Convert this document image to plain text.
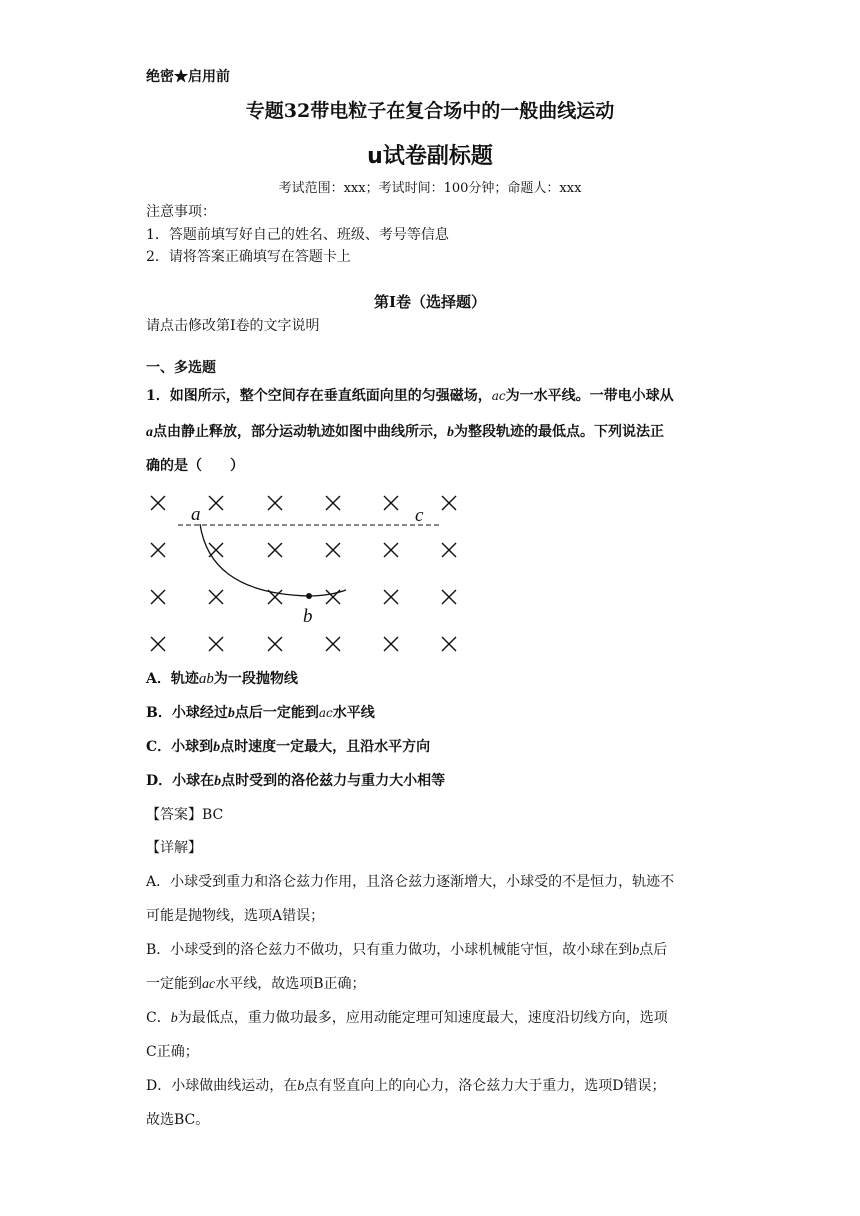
绝密★启用前
专题32带电粒子在复合场中的一般曲线运动
u试卷副标题
考试范围：xxx；考试时间：100分钟；命题人：xxx
注意事项：
1．答题前填写好自己的姓名、班级、考号等信息
2．请将答案正确填写在答题卡上
第I卷（选择题）
请点击修改第I卷的文字说明
一、多选题
1．如图所示，整个空间存在垂直纸面向里的匀强磁场，ac为一水平线。一带电小球从
a点由静止释放，部分运动轨迹如图中曲线所示，b为整段轨迹的最低点。下列说法正
确的是（　　）
a	c
b
A．轨迹ab为一段抛物线
B．小球经过b点后一定能到ac水平线
C．小球到b点时速度一定最大，且沿水平方向
D．小球在b点时受到的洛伦兹力与重力大小相等
【答案】BC
【详解】
A．小球受到重力和洛仑兹力作用，且洛仑兹力逐渐增大，小球受的不是恒力，轨迹不
可能是抛物线，选项A错误；
B．小球受到的洛仑兹力不做功，只有重力做功，小球机械能守恒，故小球在到b点后
一定能到ac水平线，故选项B正确；
C．b为最低点，重力做功最多，应用动能定理可知速度最大，速度沿切线方向，选项
C正确；
D．小球做曲线运动，在b点有竖直向上的向心力，洛仑兹力大于重力，选项D错误；
故选BC。
